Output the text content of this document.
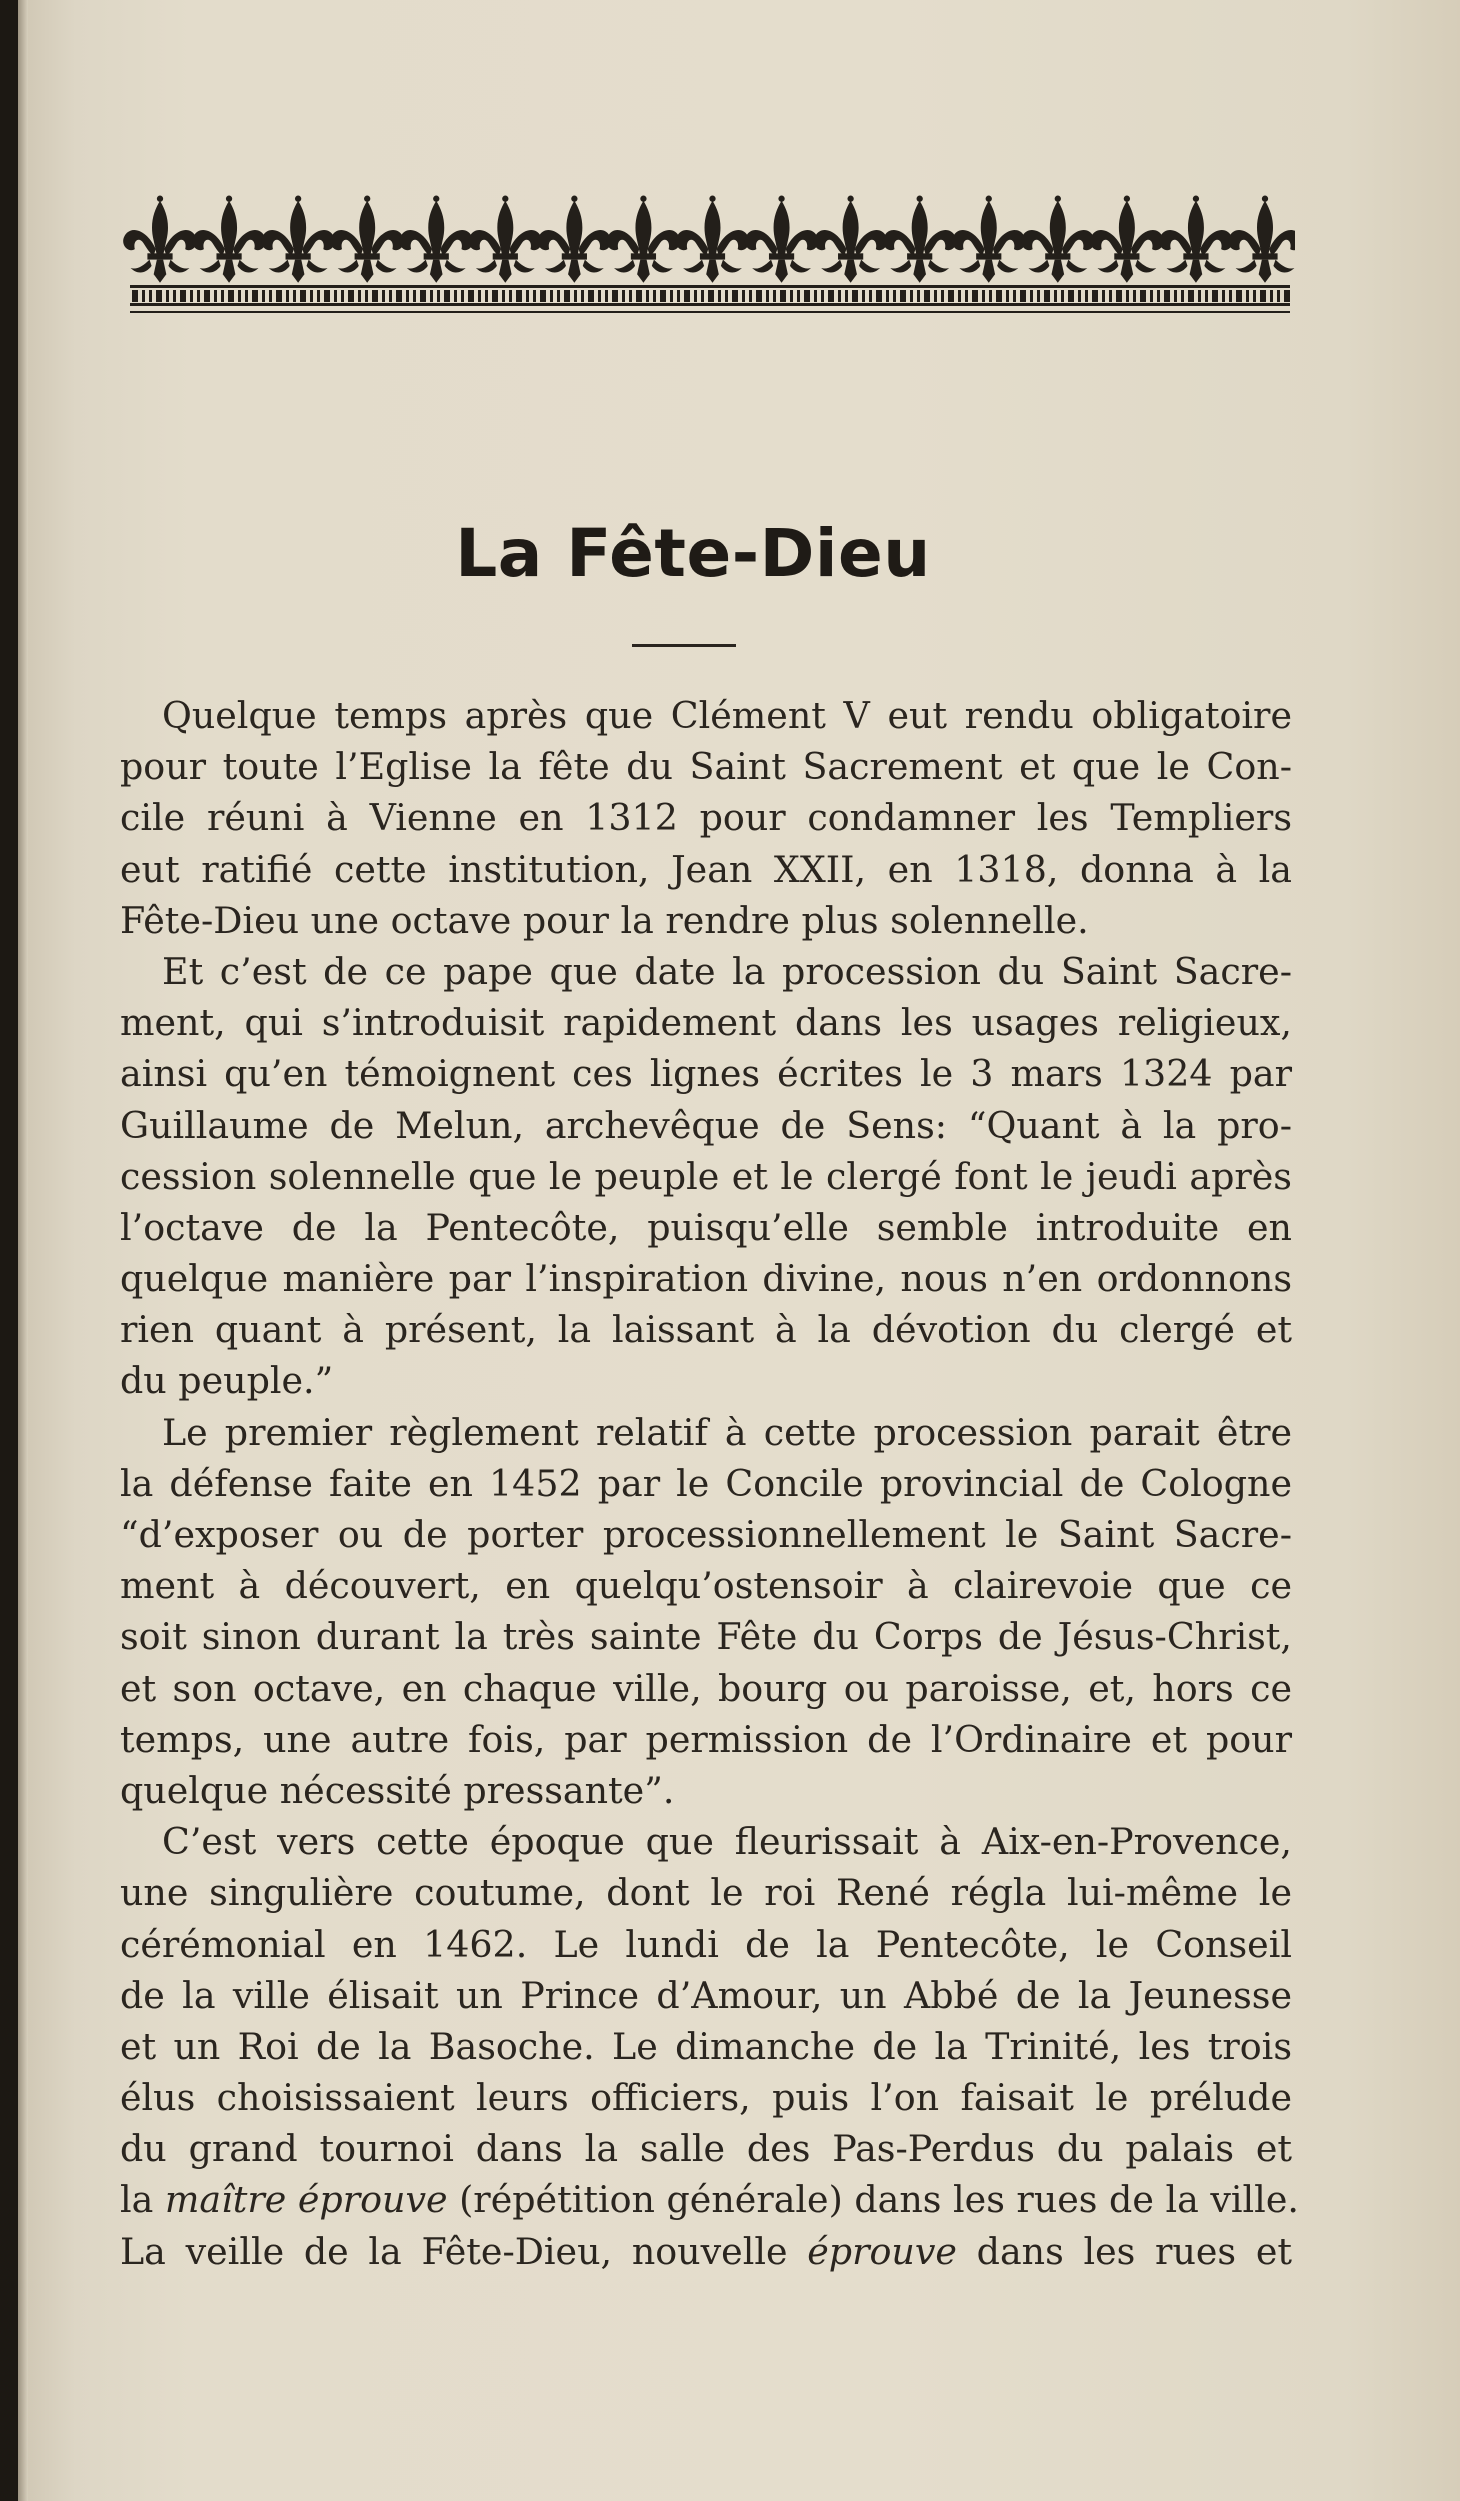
La Fête-Dieu
Quelque temps après que Clément V eut rendu obligatoire
pour toute l’Eglise la fête du Saint Sacrement et que le Con-
cile réuni à Vienne en 1312 pour condamner les Templiers
eut ratifié cette institution, Jean XXII, en 1318, donna à la
Fête-Dieu une octave pour la rendre plus solennelle.
Et c’est de ce pape que date la procession du Saint Sacre-
ment, qui s’introduisit rapidement dans les usages religieux,
ainsi qu’en témoignent ces lignes écrites le 3 mars 1324 par
Guillaume de Melun, archevêque de Sens: “Quant à la pro-
cession solennelle que le peuple et le clergé font le jeudi après
l’octave de la Pentecôte, puisqu’elle semble introduite en
quelque manière par l’inspiration divine, nous n’en ordonnons
rien quant à présent, la laissant à la dévotion du clergé et
du peuple.”
Le premier règlement relatif à cette procession parait être
la défense faite en 1452 par le Concile provincial de Cologne
“d’exposer ou de porter processionnellement le Saint Sacre-
ment à découvert, en quelqu’ostensoir à clairevoie que ce
soit sinon durant la très sainte Fête du Corps de Jésus-Christ,
et son octave, en chaque ville, bourg ou paroisse, et, hors ce
temps, une autre fois, par permission de l’Ordinaire et pour
quelque nécessité pressante”.
C’est vers cette époque que fleurissait à Aix-en-Provence,
une singulière coutume, dont le roi René régla lui-même le
cérémonial en 1462. Le lundi de la Pentecôte, le Conseil
de la ville élisait un Prince d’Amour, un Abbé de la Jeunesse
et un Roi de la Basoche. Le dimanche de la Trinité, les trois
élus choisissaient leurs officiers, puis l’on faisait le prélude
du grand tournoi dans la salle des Pas-Perdus du palais et
la maître éprouve (répétition générale) dans les rues de la ville.
La veille de la Fête-Dieu, nouvelle éprouve dans les rues et
